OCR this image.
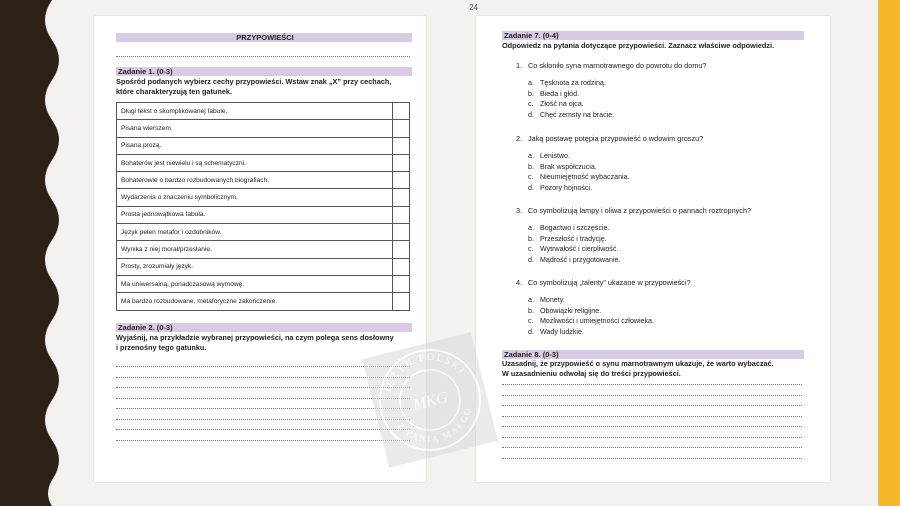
24
PRZYPOWIEŚCI
Zadanie 1. (0-3)
Spośród podanych wybierz cechy przypowieści. Wstaw znak „X” przy cechach,
które charakteryzują ten gatunek.
Długi tekst o skomplikowanej fabule.	
Pisana wierszem.	
Pisana prozą.	
Bohaterów jest niewielu i są schematyczni.	
Bohaterowie o bardzo rozbudowanych biografiach.	
Wydarzenia o znaczeniu symbolicznym.	
Prosta jednowątkowa fabuła.	
Język pełen metafor i ozdobników.	
Wynika z niej morał/przesłanie.	
Prosty, zrozumiały język.	
Ma uniwersalną, ponadczasową wymowę.	
Ma bardzo rozbudowane, metaforyczne zakończenie.	
Zadanie 2. (0-3)
Wyjaśnij, na przykładzie wybranej przypowieści, na czym polega sens dosłowny
i przenośny tego gatunku.
Zadanie 7. (0-4)
Odpowiedz na pytania dotyczące przypowieści. Zaznacz właściwe odpowiedzi.
1. Co skłoniło syna marnotrawnego do powrotu do domu?
a. Tęsknota za rodziną.
b. Bieda i głód.
c. Złość na ojca.
d. Chęć zemsty na bracie.
2. Jaką postawę potępia przypowieść o wdowim groszu?
a. Lenistwo.
b. Brak współczucia.
c. Nieumiejętność wybaczania.
d. Pozory hojności.
3. Co symbolizują lampy i oliwa z przypowieści o pannach roztropnych?
a. Bogactwo i szczęście.
b. Przeszłość i tradycję.
c. Wytrwałość i cierpliwość.
d. Mądrość i przygotowanie.
4. Co symbolizują „talenty” ukazane w przypowieści?
a. Monety.
b. Obowiązki religijne.
c. Możliwości i umiejętności człowieka.
d. Wady ludzkie.
Zadanie 8. (0-3)
Uzasadnij, że przypowieść o synu marnotrawnym ukazuje, że warto wybaczać.
W uzasadnieniu odwołaj się do treści przypowieści.
JĘZYK POLSKI
Z PANIĄ MAŁGO
MKG
